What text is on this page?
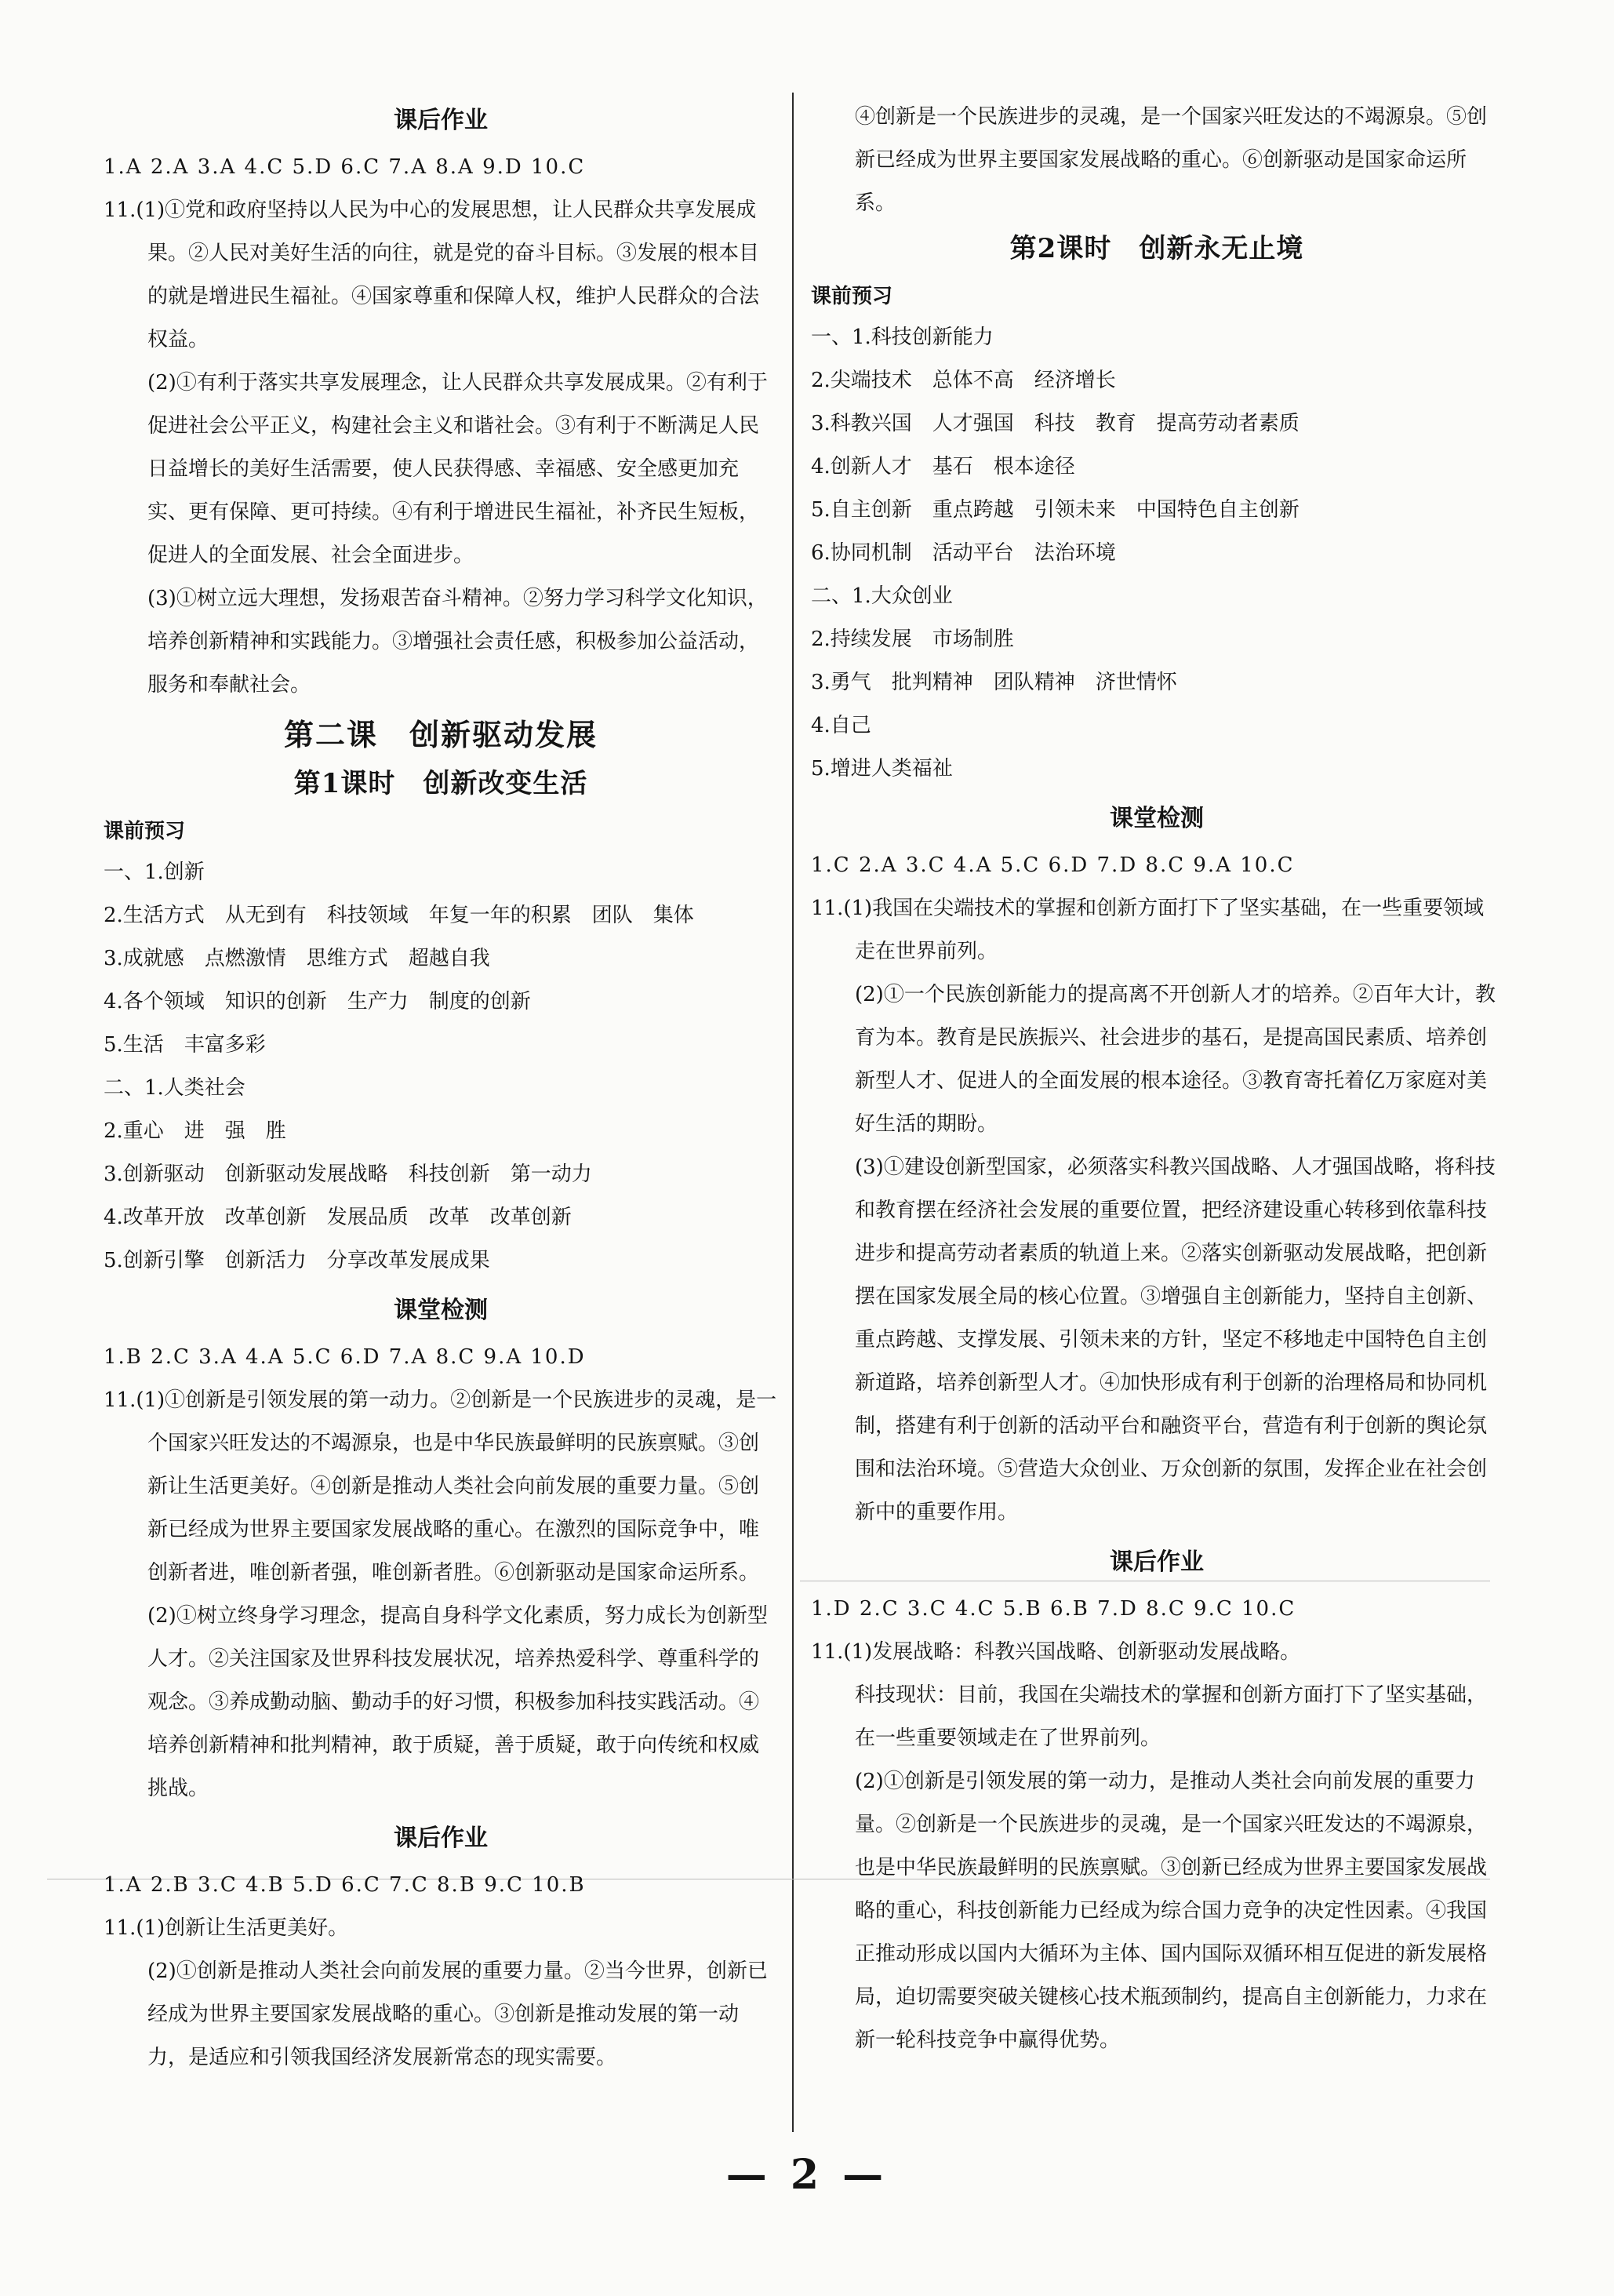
课后作业
1.A 2.A 3.A 4.C 5.D 6.C 7.A 8.A 9.D 10.C
11.(1)①党和政府坚持以人民为中心的发展思想，让人民群众共享发展成果。②人民对美好生活的向往，就是党的奋斗目标。③发展的根本目的就是增进民生福祉。④国家尊重和保障人权，维护人民群众的合法权益。
(2)①有利于落实共享发展理念，让人民群众共享发展成果。②有利于促进社会公平正义，构建社会主义和谐社会。③有利于不断满足人民日益增长的美好生活需要，使人民获得感、幸福感、安全感更加充实、更有保障、更可持续。④有利于增进民生福祉，补齐民生短板，促进人的全面发展、社会全面进步。
(3)①树立远大理想，发扬艰苦奋斗精神。②努力学习科学文化知识，培养创新精神和实践能力。③增强社会责任感，积极参加公益活动，服务和奉献社会。
第二课　创新驱动发展
第1课时　创新改变生活
课前预习
一、1.创新
2.生活方式　从无到有　科技领域　年复一年的积累　团队　集体
3.成就感　点燃激情　思维方式　超越自我
4.各个领域　知识的创新　生产力　制度的创新
5.生活　丰富多彩
二、1.人类社会
2.重心　进　强　胜
3.创新驱动　创新驱动发展战略　科技创新　第一动力
4.改革开放　改革创新　发展品质　改革　改革创新
5.创新引擎　创新活力　分享改革发展成果
课堂检测
1.B 2.C 3.A 4.A 5.C 6.D 7.A 8.C 9.A 10.D
11.(1)①创新是引领发展的第一动力。②创新是一个民族进步的灵魂，是一个国家兴旺发达的不竭源泉，也是中华民族最鲜明的民族禀赋。③创新让生活更美好。④创新是推动人类社会向前发展的重要力量。⑤创新已经成为世界主要国家发展战略的重心。在激烈的国际竞争中，唯创新者进，唯创新者强，唯创新者胜。⑥创新驱动是国家命运所系。
(2)①树立终身学习理念，提高自身科学文化素质，努力成长为创新型人才。②关注国家及世界科技发展状况，培养热爱科学、尊重科学的观念。③养成勤动脑、勤动手的好习惯，积极参加科技实践活动。④培养创新精神和批判精神，敢于质疑，善于质疑，敢于向传统和权威挑战。
课后作业
1.A 2.B 3.C 4.B 5.D 6.C 7.C 8.B 9.C 10.B
11.(1)创新让生活更美好。
(2)①创新是推动人类社会向前发展的重要力量。②当今世界，创新已经成为世界主要国家发展战略的重心。③创新是推动发展的第一动力，是适应和引领我国经济发展新常态的现实需要。
④创新是一个民族进步的灵魂，是一个国家兴旺发达的不竭源泉。⑤创新已经成为世界主要国家发展战略的重心。⑥创新驱动是国家命运所系。
第2课时　创新永无止境
课前预习
一、1.科技创新能力
2.尖端技术　总体不高　经济增长
3.科教兴国　人才强国　科技　教育　提高劳动者素质
4.创新人才　基石　根本途径
5.自主创新　重点跨越　引领未来　中国特色自主创新
6.协同机制　活动平台　法治环境
二、1.大众创业
2.持续发展　市场制胜
3.勇气　批判精神　团队精神　济世情怀
4.自己
5.增进人类福祉
课堂检测
1.C 2.A 3.C 4.A 5.C 6.D 7.D 8.C 9.A 10.C
11.(1)我国在尖端技术的掌握和创新方面打下了坚实基础，在一些重要领域走在世界前列。
(2)①一个民族创新能力的提高离不开创新人才的培养。②百年大计，教育为本。教育是民族振兴、社会进步的基石，是提高国民素质、培养创新型人才、促进人的全面发展的根本途径。③教育寄托着亿万家庭对美好生活的期盼。
(3)①建设创新型国家，必须落实科教兴国战略、人才强国战略，将科技和教育摆在经济社会发展的重要位置，把经济建设重心转移到依靠科技进步和提高劳动者素质的轨道上来。②落实创新驱动发展战略，把创新摆在国家发展全局的核心位置。③增强自主创新能力，坚持自主创新、重点跨越、支撑发展、引领未来的方针，坚定不移地走中国特色自主创新道路，培养创新型人才。④加快形成有利于创新的治理格局和协同机制，搭建有利于创新的活动平台和融资平台，营造有利于创新的舆论氛围和法治环境。⑤营造大众创业、万众创新的氛围，发挥企业在社会创新中的重要作用。
课后作业
1.D 2.C 3.C 4.C 5.B 6.B 7.D 8.C 9.C 10.C
11.(1)发展战略：科教兴国战略、创新驱动发展战略。
科技现状：目前，我国在尖端技术的掌握和创新方面打下了坚实基础，在一些重要领域走在了世界前列。
(2)①创新是引领发展的第一动力，是推动人类社会向前发展的重要力量。②创新是一个民族进步的灵魂，是一个国家兴旺发达的不竭源泉，也是中华民族最鲜明的民族禀赋。③创新已经成为世界主要国家发展战略的重心，科技创新能力已经成为综合国力竞争的决定性因素。④我国正推动形成以国内大循环为主体、国内国际双循环相互促进的新发展格局，迫切需要突破关键核心技术瓶颈制约，提高自主创新能力，力求在新一轮科技竞争中赢得优势。
— 2 —
